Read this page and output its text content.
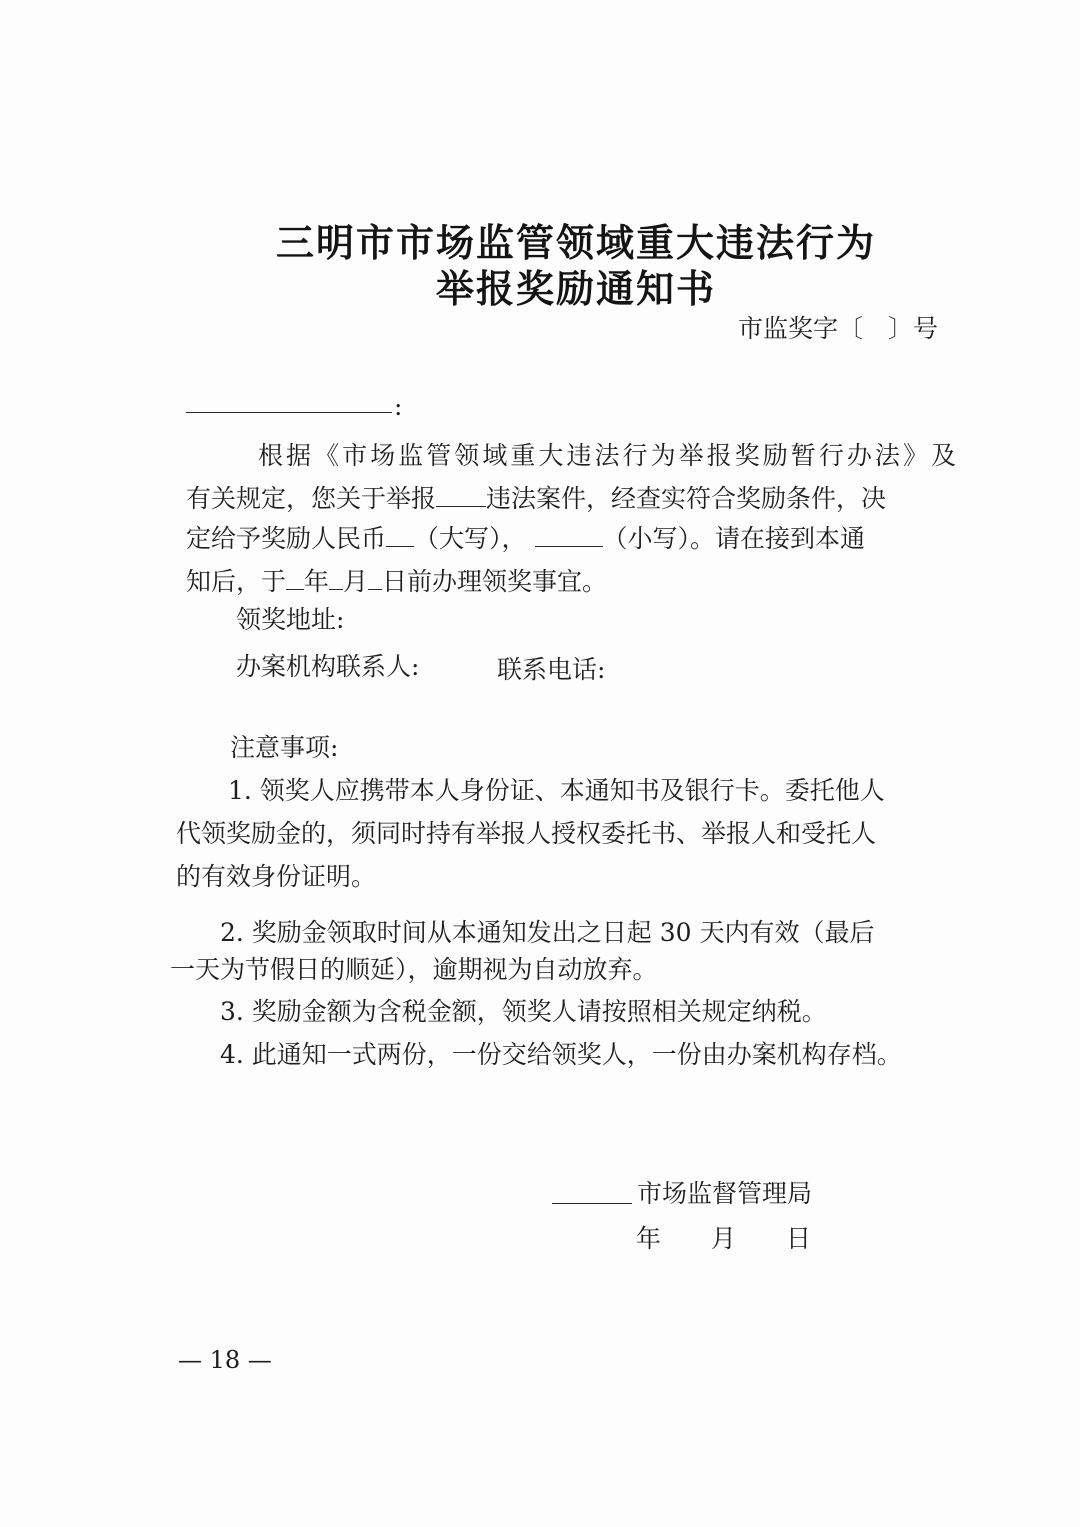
三明市市场监管领域重大违法行为
举报奖励通知书
市监奖字〔　〕号
:
根据《市场监管领域重大违法行为举报奖励暂行办法》及
有关规定，您关于举报 违法案件，经查实符合奖励条件，决
定给予奖励人民币 （大写），	（小写）。请在接到本通
知后，于 年 月 日前办理领奖事宜。
领奖地址:
办案机构联系人:	联系电话:
注意事项:
1. 领奖人应携带本人身份证、本通知书及银行卡。委托他人
代领奖励金的，须同时持有举报人授权委托书、举报人和受托人
的有效身份证明。
2. 奖励金领取时间从本通知发出之日起 30 天内有效（最后
一天为节假日的顺延），逾期视为自动放弃。
3. 奖励金额为含税金额，领奖人请按照相关规定纳税。
4. 此通知一式两份，一份交给领奖人，一份由办案机构存档。
市场监督管理局
年　　月　　日
— 18 —
